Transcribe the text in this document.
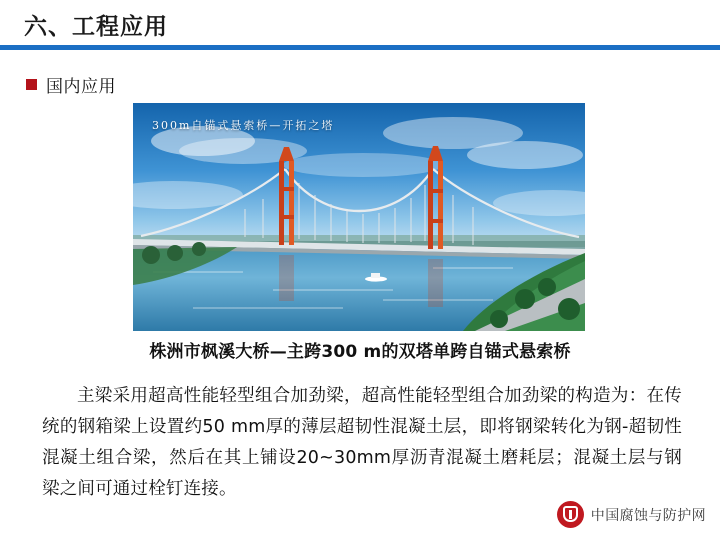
六、工程应用
国内应用
300m自锚式悬索桥—开拓之塔
株洲市枫溪大桥—主跨300 m的双塔单跨自锚式悬索桥
主梁采用超高性能轻型组合加劲梁，超高性能轻型组合加劲梁的构造为：在传统的钢箱梁上设置约50 mm厚的薄层超韧性混凝土层，即将钢梁转化为钢-超韧性混凝土组合梁，然后在其上铺设20~30mm厚沥青混凝土磨耗层；混凝土层与钢梁之间可通过栓钉连接。
中国腐蚀与防护网
